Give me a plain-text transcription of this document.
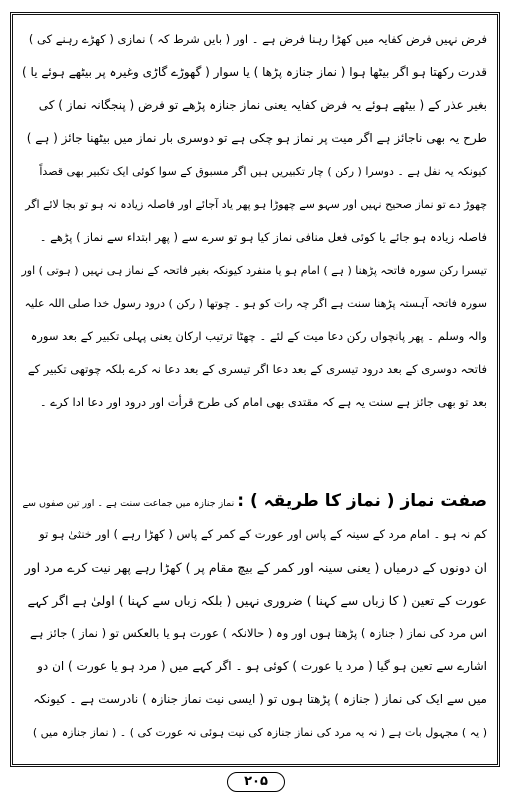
فرض نہیں فرض کفایہ میں کھڑا رہنا فرض ہے ۔ اور ( بایں شرط کہ ) نمازی ( کھڑے رہنے کی )
قدرت رکھتا ہو اگر بیٹھا ہوا ( نماز جنازہ پڑھا ) یا سوار ( گھوڑے گاڑی وغیرہ پر بیٹھے ہوئے یا )
بغیر عذر کے ( بیٹھے ہوئے یہ فرض کفایہ یعنی نماز جنازہ پڑھے تو فرض ( پنجگانہ نماز ) کی
طرح یہ بھی ناجائز ہے اگر میت پر نماز ہو چکی ہے تو دوسری بار نماز میں بیٹھنا جائز ( ہے )
کیونکہ یہ نفل ہے ۔ دوسرا ( رکن ) چار تکبیریں ہیں اگر مسبوق کے سوا کوئی ایک تکبیر بھی قصداً
چھوڑ دے تو نماز صحیح نہیں اور سہو سے چھوڑا ہو پھر یاد آجائے اور فاصلہ زیادہ نہ ہو تو بجا لائے اگر
فاصلہ زیادہ ہو جائے یا کوئی فعل منافی نماز کیا ہو تو سرے سے ( پھر ابتداء سے نماز ) پڑھے ۔
تیسرا رکن سورہ فاتحہ پڑھنا ( ہے ) امام ہو یا منفرد کیونکہ بغیر فاتحہ کے نماز ہی نہیں ( ہوتی ) اور
سورہ فاتحہ آہستہ پڑھنا سنت ہے اگر چہ رات کو ہو ۔ چوتھا ( رکن ) درود رسول خدا صلی اللہ علیہ
والہ وسلم ۔ پھر پانچواں رکن دعا میت کے لئے ۔ چھٹا ترتیب ارکان یعنی پہلی تکبیر کے بعد سورہ
فاتحہ دوسری کے بعد درود تیسری کے بعد دعا اگر تیسری کے بعد دعا نہ کرے بلکہ چوتھی تکبیر کے
بعد تو بھی جائز ہے سنت یہ ہے کہ مقتدی بھی امام کی طرح قرأت اور درود اور دعا ادا کرے ۔
صفت نماز ( نماز کا طریقہ ) : نماز جنازہ میں جماعت سنت ہے ۔ اور تین صفوں سے
کم نہ ہو ۔ امام مرد کے سینہ کے پاس اور عورت کے کمر کے پاس ( کھڑا رہے ) اور خنثیٰ ہو تو
ان دونوں کے درمیاں ( یعنی سینہ اور کمر کے بیچ مقام پر ) کھڑا رہے پھر نیت کرے مرد اور
عورت کے تعین ( کا زباں سے کہنا ) ضروری نہیں ( بلکہ زباں سے کہنا ) اولیٰ ہے اگر کہے
اس مرد کی نماز ( جنازہ ) پڑھتا ہوں اور وہ ( حالانکہ ) عورت ہو یا بالعکس تو ( نماز ) جائز ہے
اشارے سے تعین ہو گیا ( مرد یا عورت ) کوئی ہو ۔ اگر کہے میں ( مرد ہو یا عورت ) ان دو
میں سے ایک کی نماز ( جنازہ ) پڑھتا ہوں تو ( ایسی نیت نماز جنازہ ) نادرست ہے ۔ کیونکہ
( یہ ) مجہول بات ہے ( نہ یہ مرد کی نماز جنازہ کی نیت ہوئی نہ عورت کی ) ۔ ( نماز جنازہ میں )
۲۰۵
